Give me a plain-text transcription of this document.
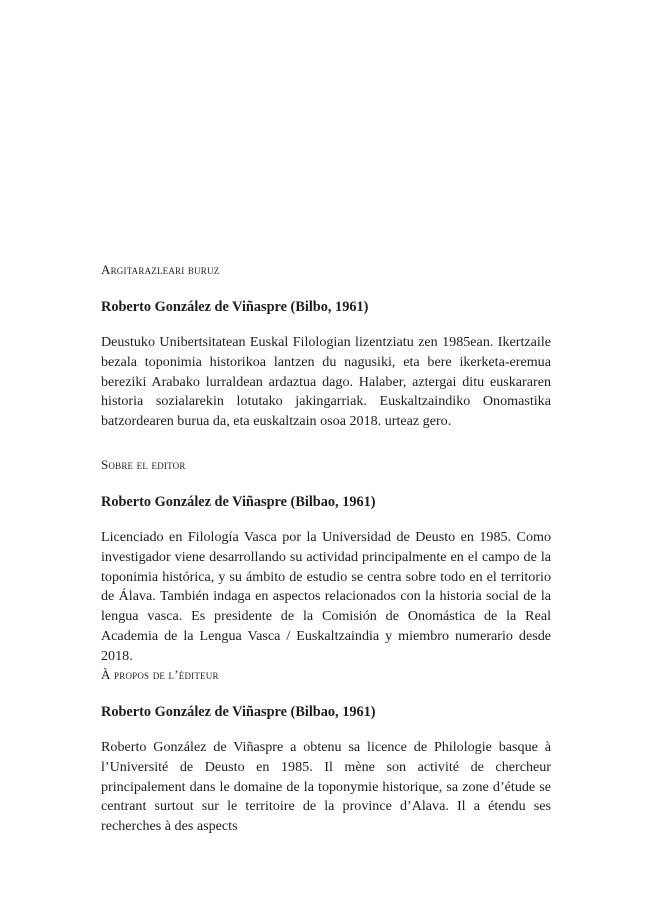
Argitarazleari buruz

Roberto González de Viñaspre (Bilbo, 1961)

Deustuko Unibertsitatean Euskal Filologian lizentziatu zen 1985ean. Ikertzaile bezala toponimia historikoa lantzen du nagusiki, eta bere ikerketa-eremua bereziki Arabako lurraldean ardaztua dago. Halaber, aztergai ditu euskararen historia sozialarekin lotutako jakingarriak. Euskaltzaindiko Onomastika batzordearen burua da, eta euskaltzain osoa 2018. urteaz gero.

Sobre el editor

Roberto González de Viñaspre (Bilbao, 1961)

Licenciado en Filología Vasca por la Universidad de Deusto en 1985. Como investigador viene desarrollando su actividad principalmente en el campo de la toponimia histórica, y su ámbito de estudio se centra sobre todo en el territorio de Álava. También indaga en aspectos relacionados con la historia social de la lengua vasca. Es presidente de la Comisión de Onomástica de la Real Academia de la Lengua Vasca / Euskaltzaindia y miembro numerario desde 2018.

À propos de l’éditeur

Roberto González de Viñaspre (Bilbao, 1961)

Roberto González de Viñaspre a obtenu sa licence de Philologie basque à l’Université de Deusto en 1985. Il mène son activité de chercheur principalement dans le domaine de la toponymie historique, sa zone d’étude se centrant surtout sur le territoire de la province d’Alava. Il a étendu ses recherches à des aspects
